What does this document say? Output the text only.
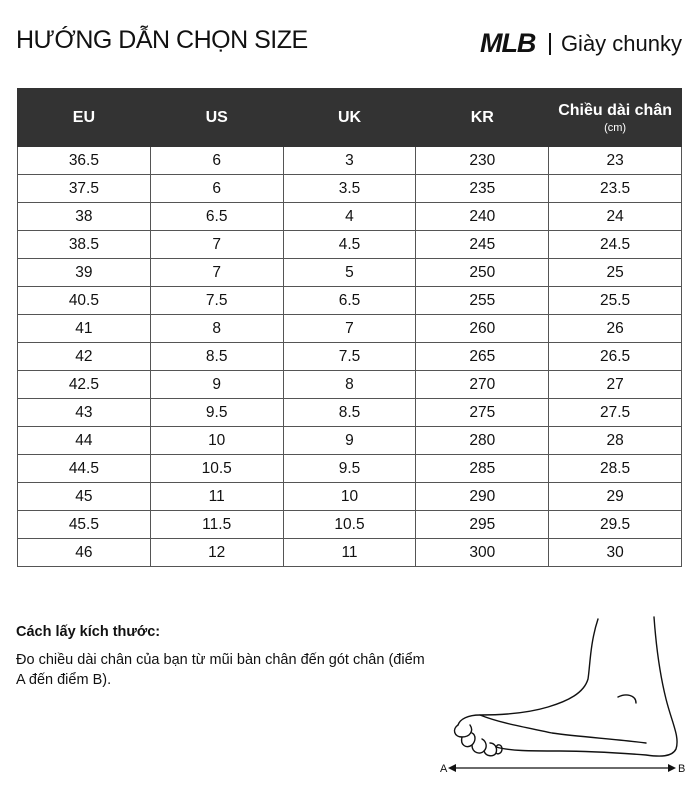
HƯỚNG DẪN CHỌN SIZE	MLB Giày chunky
EU	US	UK	KR	Chiều dài chân
(cm)

36.5	6	3	230	23
37.5	6	3.5	235	23.5
38	6.5	4	240	24
38.5	7	4.5	245	24.5
39	7	5	250	25
40.5	7.5	6.5	255	25.5
41	8	7	260	26
42	8.5	7.5	265	26.5
42.5	9	8	270	27
43	9.5	8.5	275	27.5
44	10	9	280	28
44.5	10.5	9.5	285	28.5
45	11	10	290	29
45.5	11.5	10.5	295	29.5
46	12	11	300	30
Cách lấy kích thước:
Đo chiều dài chân của bạn từ mũi bàn chân đến gót chân (điểm A đến điểm B).
A	B
